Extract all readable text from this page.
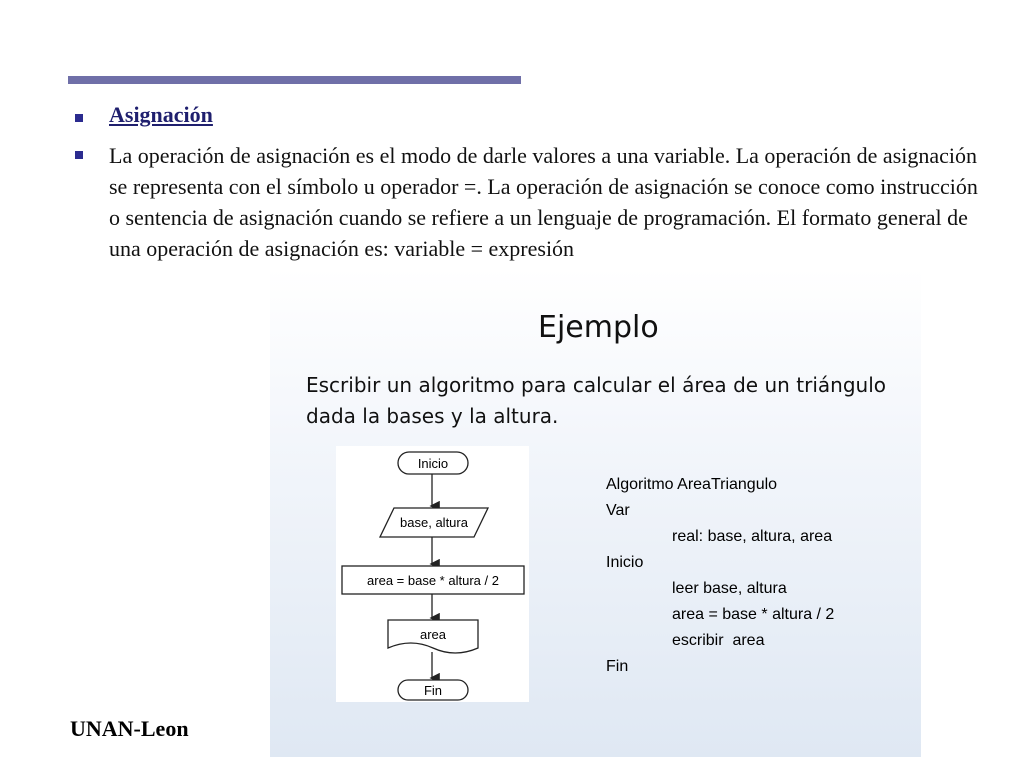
Asignación
La operación de asignación es el modo de darle valores a una variable. La operación de asignación se representa con el símbolo u operador =. La operación de asignación se conoce como instrucción o sentencia de asignación cuando se refiere a un lenguaje de programación. El formato general de una operación de asignación es: variable = expresión
Ejemplo
Escribir un algoritmo para calcular el área de un triángulo dada la bases y la altura.
Inicio
base, altura
area = base * altura / 2
area
Fin
Algoritmo AreaTriangulo
Var
real: base, altura, area
Inicio
leer base, altura
area = base * altura / 2
escribir  area
Fin
UNAN-Leon
